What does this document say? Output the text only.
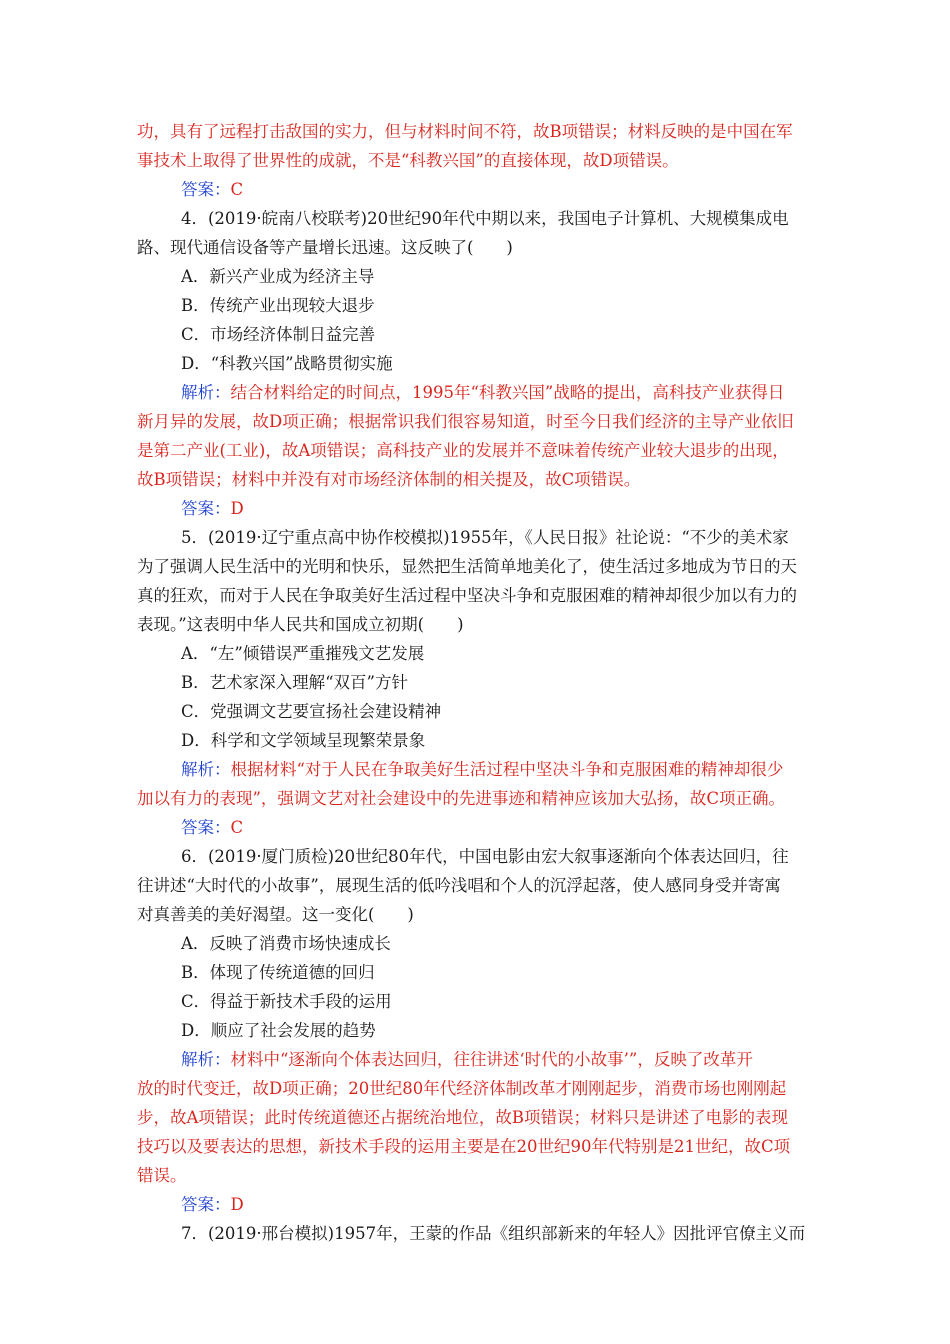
功，具有了远程打击敌国的实力，但与材料时间不符，故B项错误；材料反映的是中国在军
事技术上取得了世界性的成就，不是“科教兴国”的直接体现，故D项错误。
答案：C
4．(2019·皖南八校联考)20世纪90年代中期以来，我国电子计算机、大规模集成电
路、现代通信设备等产量增长迅速。这反映了(　　)
A．新兴产业成为经济主导
B．传统产业出现较大退步
C．市场经济体制日益完善
D．“科教兴国”战略贯彻实施
解析：结合材料给定的时间点，1995年“科教兴国”战略的提出，高科技产业获得日
新月异的发展，故D项正确；根据常识我们很容易知道，时至今日我们经济的主导产业依旧
是第二产业(工业)，故A项错误；高科技产业的发展并不意味着传统产业较大退步的出现，
故B项错误；材料中并没有对市场经济体制的相关提及，故C项错误。
答案：D
5．(2019·辽宁重点高中协作校模拟)1955年，《人民日报》社论说：“不少的美术家
为了强调人民生活中的光明和快乐，显然把生活简单地美化了，使生活过多地成为节日的天
真的狂欢，而对于人民在争取美好生活过程中坚决斗争和克服困难的精神却很少加以有力的
表现。”这表明中华人民共和国成立初期(　　)
A．“左”倾错误严重摧残文艺发展
B．艺术家深入理解“双百”方针
C．党强调文艺要宣扬社会建设精神
D．科学和文学领域呈现繁荣景象
解析：根据材料“对于人民在争取美好生活过程中坚决斗争和克服困难的精神却很少
加以有力的表现”，强调文艺对社会建设中的先进事迹和精神应该加大弘扬，故C项正确。
答案：C
6．(2019·厦门质检)20世纪80年代，中国电影由宏大叙事逐渐向个体表达回归，往
往讲述“大时代的小故事”，展现生活的低吟浅唱和个人的沉浮起落，使人感同身受并寄寓
对真善美的美好渴望。这一变化(　　)
A．反映了消费市场快速成长
B．体现了传统道德的回归
C．得益于新技术手段的运用
D．顺应了社会发展的趋势
解析：材料中“逐渐向个体表达回归，往往讲述‘时代的小故事’”，反映了改革开
放的时代变迁，故D项正确；20世纪80年代经济体制改革才刚刚起步，消费市场也刚刚起
步，故A项错误；此时传统道德还占据统治地位，故B项错误；材料只是讲述了电影的表现
技巧以及要表达的思想，新技术手段的运用主要是在20世纪90年代特别是21世纪，故C项
错误。
答案：D
7．(2019·邢台模拟)1957年，王蒙的作品《组织部新来的年轻人》因批评官僚主义而
